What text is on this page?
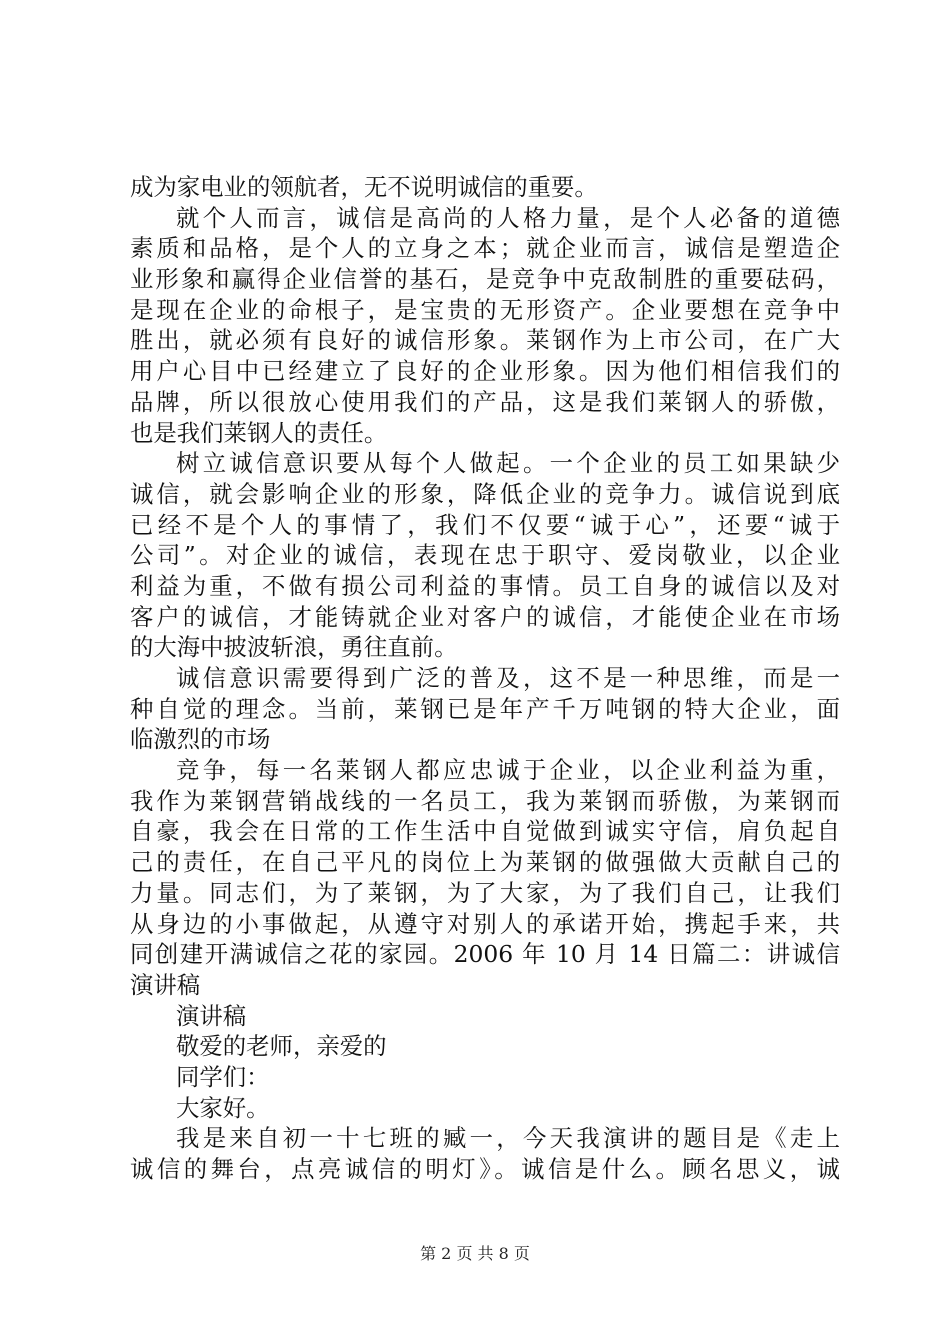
成为家电业的领航者，无不说明诚信的重要。
就个人而言，诚信是高尚的人格力量，是个人必备的道德
素质和品格，是个人的立身之本；就企业而言，诚信是塑造企
业形象和赢得企业信誉的基石，是竞争中克敌制胜的重要砝码，
是现在企业的命根子，是宝贵的无形资产。企业要想在竞争中
胜出，就必须有良好的诚信形象。莱钢作为上市公司，在广大
用户心目中已经建立了良好的企业形象。因为他们相信我们的
品牌，所以很放心使用我们的产品，这是我们莱钢人的骄傲，
也是我们莱钢人的责任。
树立诚信意识要从每个人做起。一个企业的员工如果缺少
诚信，就会影响企业的形象，降低企业的竞争力。诚信说到底
已经不是个人的事情了，我们不仅要“诚于心”，还要“诚于
公司”。对企业的诚信，表现在忠于职守、爱岗敬业，以企业
利益为重，不做有损公司利益的事情。员工自身的诚信以及对
客户的诚信，才能铸就企业对客户的诚信，才能使企业在市场
的大海中披波斩浪，勇往直前。
诚信意识需要得到广泛的普及，这不是一种思维，而是一
种自觉的理念。当前，莱钢已是年产千万吨钢的特大企业，面
临激烈的市场
竞争，每一名莱钢人都应忠诚于企业，以企业利益为重，
我作为莱钢营销战线的一名员工，我为莱钢而骄傲，为莱钢而
自豪，我会在日常的工作生活中自觉做到诚实守信，肩负起自
己的责任，在自己平凡的岗位上为莱钢的做强做大贡献自己的
力量。同志们，为了莱钢，为了大家，为了我们自己，让我们
从身边的小事做起，从遵守对别人的承诺开始，携起手来，共
同创建开满诚信之花的家园。2006 年 10 月 14 日篇二：讲诚信
演讲稿
演讲稿
敬爱的老师，亲爱的
同学们：
大家好。
我是来自初一十七班的臧一，今天我演讲的题目是《走上
诚信的舞台，点亮诚信的明灯》。诚信是什么。顾名思义，诚
第 2 页 共 8 页
